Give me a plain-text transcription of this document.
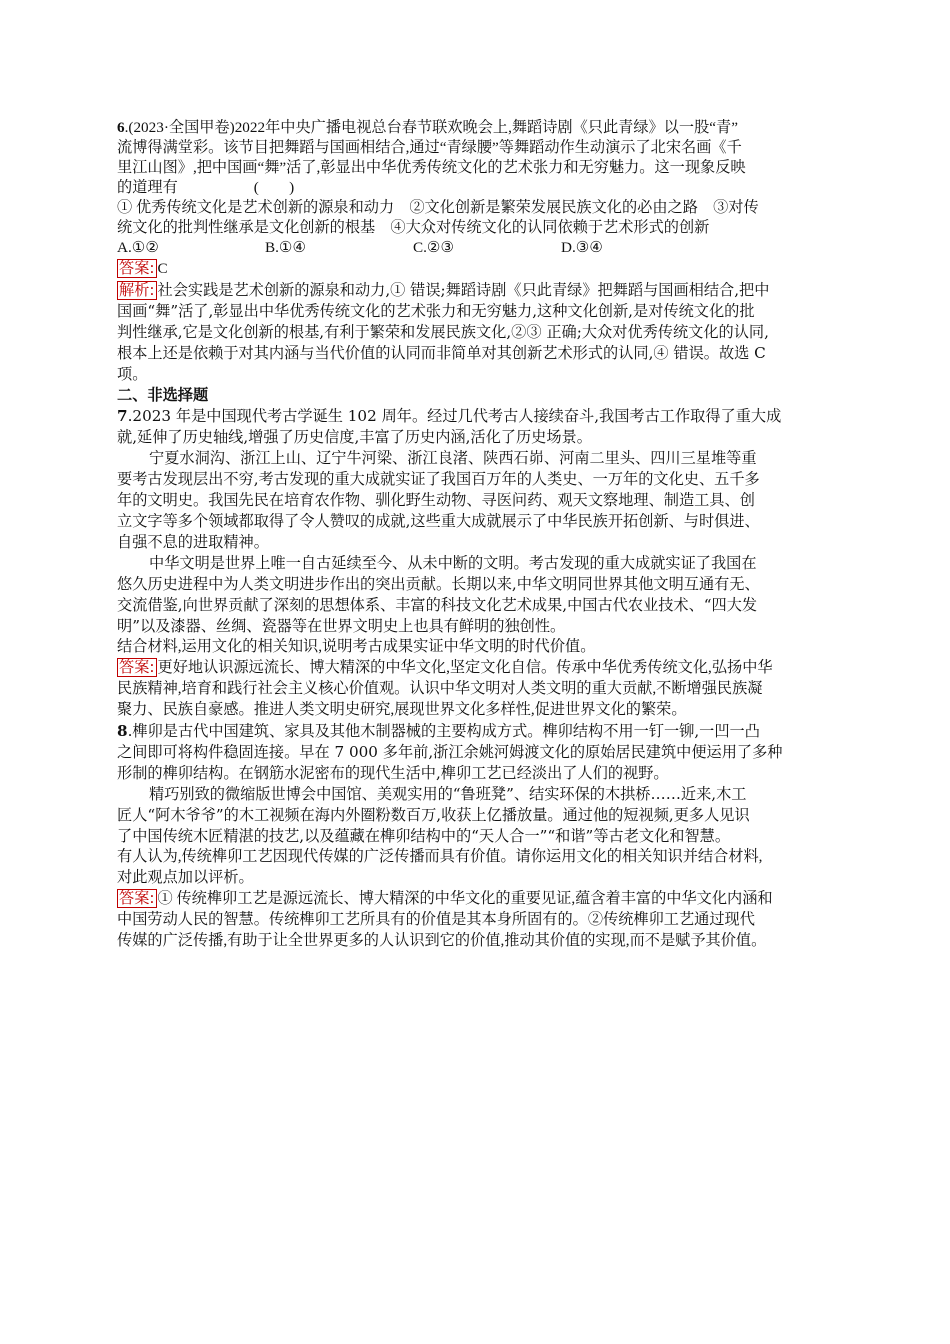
6.(2023·全国甲卷)2022年中央广播电视总台春节联欢晚会上,舞蹈诗剧《只此青绿》以一股“青”
流博得满堂彩。该节目把舞蹈与国画相结合,通过“青绿腰”等舞蹈动作生动演示了北宋名画《千
里江山图》,把中国画“舞”活了,彰显出中华优秀传统文化的艺术张力和无穷魅力。这一现象反映
的道理有　　　　　(　　)
① 优秀传统文化是艺术创新的源泉和动力　②文化创新是繁荣发展民族文化的必由之路　③对传
统文化的批判性继承是文化创新的根基　④大众对传统文化的认同依赖于艺术形式的创新
A.①②	B.①④	C.②③	D.③④
答案: C
解析: 社会实践是艺术创新的源泉和动力,① 错误;舞蹈诗剧《只此青绿》把舞蹈与国画相结合,把中
国画“舞”活了,彰显出中华优秀传统文化的艺术张力和无穷魅力,这种文化创新,是对传统文化的批
判性继承,它是文化创新的根基,有利于繁荣和发展民族文化,②③ 正确;大众对优秀传统文化的认同,
根本上还是依赖于对其内涵与当代价值的认同而非简单对其创新艺术形式的认同,④ 错误。故选 C
项。
二、非选择题
7.2023 年是中国现代考古学诞生 102 周年。经过几代考古人接续奋斗,我国考古工作取得了重大成
就,延伸了历史轴线,增强了历史信度,丰富了历史内涵,活化了历史场景。
宁夏水洞沟、浙江上山、辽宁牛河梁、浙江良渚、陕西石峁、河南二里头、四川三星堆等重
要考古发现层出不穷,考古发现的重大成就实证了我国百万年的人类史、一万年的文化史、五千多
年的文明史。我国先民在培育农作物、驯化野生动物、寻医问药、观天文察地理、制造工具、创
立文字等多个领域都取得了令人赞叹的成就,这些重大成就展示了中华民族开拓创新、与时俱进、
自强不息的进取精神。
中华文明是世界上唯一自古延续至今、从未中断的文明。考古发现的重大成就实证了我国在
悠久历史进程中为人类文明进步作出的突出贡献。长期以来,中华文明同世界其他文明互通有无、
交流借鉴,向世界贡献了深刻的思想体系、丰富的科技文化艺术成果,中国古代农业技术、“四大发
明”以及漆器、丝绸、瓷器等在世界文明史上也具有鲜明的独创性。
结合材料,运用文化的相关知识,说明考古成果实证中华文明的时代价值。
答案: 更好地认识源远流长、博大精深的中华文化,坚定文化自信。传承中华优秀传统文化,弘扬中华
民族精神,培育和践行社会主义核心价值观。认识中华文明对人类文明的重大贡献,不断增强民族凝
聚力、民族自豪感。推进人类文明史研究,展现世界文化多样性,促进世界文化的繁荣。
8.榫卯是古代中国建筑、家具及其他木制器械的主要构成方式。榫卯结构不用一钉一铆,一凹一凸
之间即可将构件稳固连接。早在 7 000 多年前,浙江余姚河姆渡文化的原始居民建筑中便运用了多种
形制的榫卯结构。在钢筋水泥密布的现代生活中,榫卯工艺已经淡出了人们的视野。
精巧别致的微缩版世博会中国馆、美观实用的“鲁班凳”、结实环保的木拱桥……近来,木工
匠人“阿木爷爷”的木工视频在海内外圈粉数百万,收获上亿播放量。通过他的短视频,更多人见识
了中国传统木匠精湛的技艺,以及蕴藏在榫卯结构中的“天人合一”“和谐”等古老文化和智慧。
有人认为,传统榫卯工艺因现代传媒的广泛传播而具有价值。请你运用文化的相关知识并结合材料,
对此观点加以评析。
答案: ① 传统榫卯工艺是源远流长、博大精深的中华文化的重要见证,蕴含着丰富的中华文化内涵和
中国劳动人民的智慧。传统榫卯工艺所具有的价值是其本身所固有的。②传统榫卯工艺通过现代
传媒的广泛传播,有助于让全世界更多的人认识到它的价值,推动其价值的实现,而不是赋予其价值。
